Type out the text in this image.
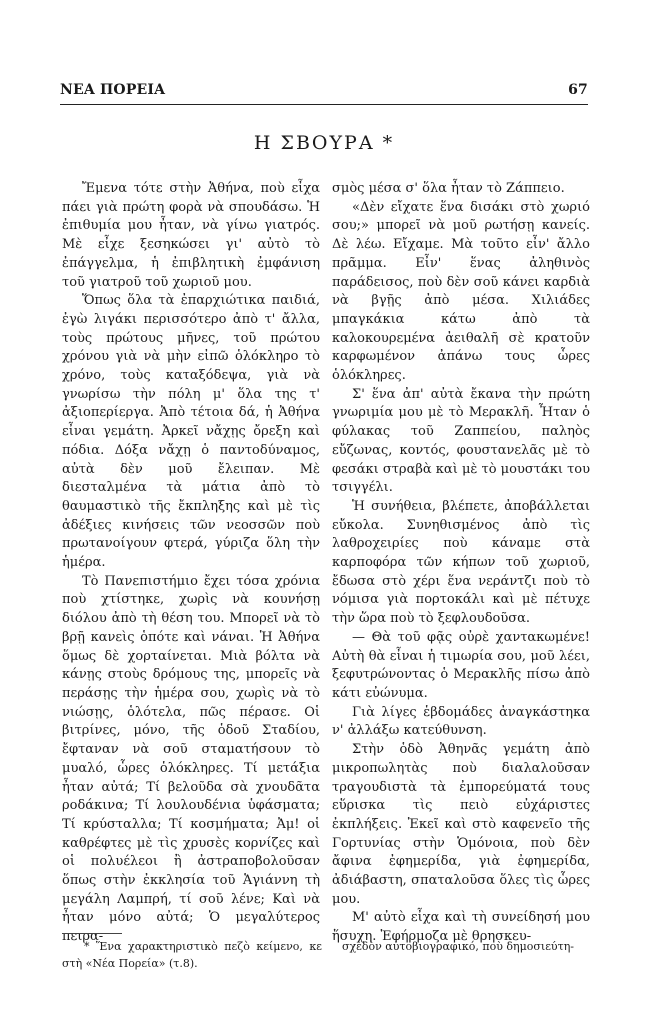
ΝΕΑ ΠΟΡΕΙΑ	67
Η ΣΒΟΥΡΑ *

Ἔμενα τότε στὴν Ἀθήνα, ποὺ εἶχα πάει γιὰ πρώτη φορὰ νὰ σπουδάσω. Ἡ ἐπιθυμία μου ἦταν, νὰ γίνω γιατρός. Μὲ εἶχε ξεσηκώσει γι' αὐτὸ τὸ ἐπάγγελμα, ἡ ἐπιβλητικὴ ἐμφάνιση τοῦ γιατροῦ τοῦ χωριοῦ μου.

Ὅπως ὅλα τὰ ἐπαρχιώτικα παιδιά, ἐγὼ λιγάκι περισσότερο ἀπὸ τ' ἄλλα, τοὺς πρώτους μῆνες, τοῦ πρώτου χρόνου γιὰ νὰ μὴν εἰπῶ ὁλόκληρο τὸ χρόνο, τοὺς καταξόδεψα, γιὰ νὰ γνωρίσω τὴν πόλη μ' ὅλα της τ' ἀξιοπερίεργα. Ἀπὸ τέτοια δά, ἡ Ἀθήνα εἶναι γεμάτη. Ἀρκεῖ νἄχῃς ὄρεξη καὶ πόδια. Δόξα νἄχῃ ὁ παντοδύναμος, αὐτὰ δὲν μοῦ ἔλειπαν. Μὲ διεσταλμένα τὰ μάτια ἀπὸ τὸ θαυμαστικὸ τῆς ἔκπληξης καὶ μὲ τὶς ἀδέξιες κινήσεις τῶν νεοσσῶν ποὺ πρωτανοίγουν φτερά, γύριζα ὅλη τὴν ἡμέρα.

Τὸ Πανεπιστήμιο ἔχει τόσα χρόνια ποὺ χτίστηκε, χωρὶς νὰ κουνήσῃ διόλου ἀπὸ τὴ θέση του. Μπορεῖ νὰ τὸ βρῇ κανεὶς ὁπότε καὶ νάναι. Ἡ Ἀθήνα ὅμως δὲ χορταίνεται. Μιὰ βόλτα νὰ κάνῃς στοὺς δρόμους της, μπορεῖς νὰ περάσῃς τὴν ἡμέρα σου, χωρὶς νὰ τὸ νιώσῃς, ὁλότελα, πῶς πέρασε. Οἱ βιτρίνες, μόνο, τῆς ὁδοῦ Σταδίου, ἔφταναν νὰ σοῦ σταματήσουν τὸ μυαλό, ὧρες ὁλόκληρες. Τί μετάξια ἦταν αὐτά; Τί βελοῦδα σὰ χνουδᾶτα ροδάκινα; Τί λουλουδένια ὑφάσματα; Τί κρύσταλλα; Τί κοσμήματα; Ἀμ! οἱ καθρέφτες μὲ τὶς χρυσὲς κορνίζες καὶ οἱ πολυέλεοι ἢ ἀστραποβολοῦσαν ὅπως στὴν ἐκκλησία τοῦ Ἁγιάννη τὴ μεγάλη Λαμπρή, τί σοῦ λένε; Καὶ νὰ ἦταν μόνο αὐτά; Ὁ μεγαλύτερος πειρα-

σμὸς μέσα σ' ὅλα ἦταν τὸ Ζάππειο.

«Δὲν εἴχατε ἕνα δισάκι στὸ χωριό σου;» μπορεῖ νὰ μοῦ ρωτήσῃ κανείς. Δὲ λέω. Εἴχαμε. Μὰ τοῦτο εἶν' ἄλλο πρᾶμμα. Εἶν' ἕνας ἀληθινὸς παράδεισος, ποὺ δὲν σοῦ κάνει καρδιὰ νὰ βγῇς ἀπὸ μέσα. Χιλιάδες μπαγκάκια κάτω ἀπὸ τὰ καλοκουρεμένα ἀειθαλῆ σὲ κρατοῦν καρφωμένον ἀπάνω τους ὧρες ὁλόκληρες.

Σ' ἕνα ἀπ' αὐτὰ ἔκανα τὴν πρώτη γνωριμία μου μὲ τὸ Μερακλῆ. Ἦταν ὁ φύλακας τοῦ Ζαππείου, παληὸς εὔζωνας, κοντός, φουστανελᾶς μὲ τὸ φεσάκι στραβὰ καὶ μὲ τὸ μουστάκι του τσιγγέλι.

Ἡ συνήθεια, βλέπετε, ἀποβάλλεται εὔκολα. Συνηθισμένος ἀπὸ τὶς λαθροχειρίες ποὺ κάναμε στὰ καρποφόρα τῶν κήπων τοῦ χωριοῦ, ἔδωσα στὸ χέρι ἕνα νεράντζι ποὺ τὸ νόμισα γιὰ πορτοκάλι καὶ μὲ πέτυχε τὴν ὥρα ποὺ τὸ ξεφλουδοῦσα.

— Θὰ τοῦ φᾷς οὐρὲ χαντακωμένε! Αὐτὴ θὰ εἶναι ἡ τιμωρία σου, μοῦ λέει, ξεφυτρώνοντας ὁ Μερακλῆς πίσω ἀπὸ κάτι εὐώνυμα.

Γιὰ λίγες ἑβδομάδες ἀναγκάστηκα ν' ἀλλάξω κατεύθυνση.

Στὴν ὁδὸ Ἀθηνᾶς γεμάτη ἀπὸ μικροπωλητὰς ποὺ διαλαλοῦσαν τραγουδιστὰ τὰ ἐμπορεύματά τους εὕρισκα τὶς πειὸ εὐχάριστες ἐκπλήξεις. Ἐκεῖ καὶ στὸ καφενεῖο τῆς Γορτυνίας στὴν Ὁμόνοια, ποὺ δὲν ἄφινα ἐφημερίδα, γιὰ ἐφημερίδα, ἀδιάβαστη, σπαταλοῦσα ὅλες τὶς ὧρες μου.

Μ' αὐτὸ εἶχα καὶ τὴ συνείδησή μου ἥσυχη. Ἐφήρμοζα μὲ θρησκευ-

* Ἕνα χαρακτηριστικὸ πεζὸ κείμενο, κε στὴ «Νέα Πορεία» (τ.8).
σχεδὸν αὐτοβιογραφικό, ποὺ δημοσιεύτη-
